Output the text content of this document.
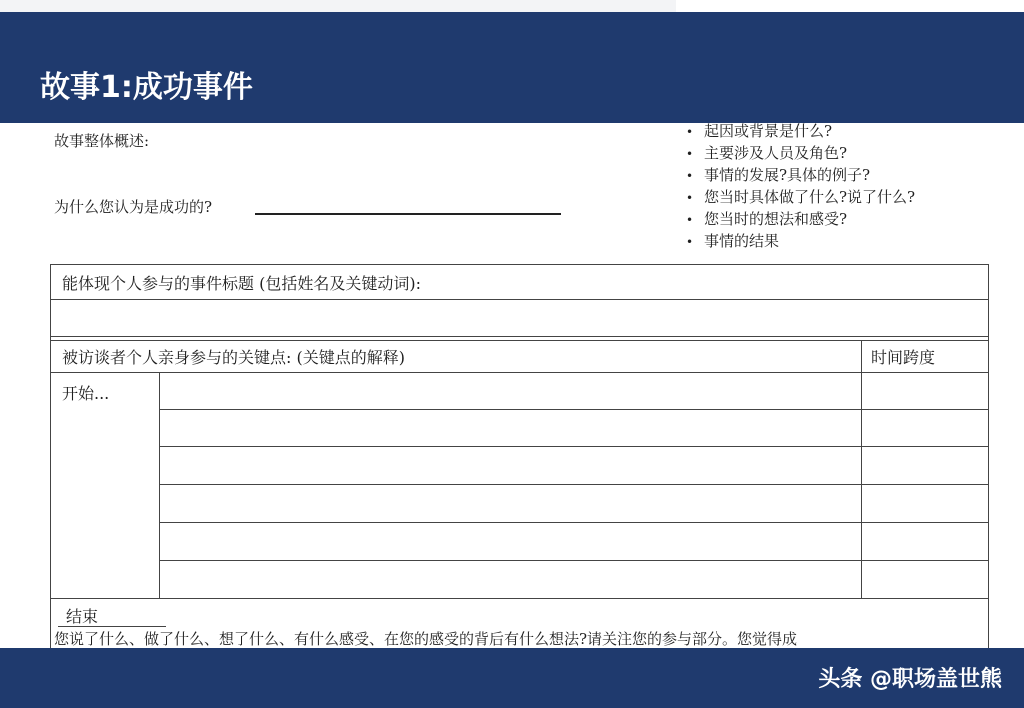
故事1:成功事件
故事整体概述:
为什么您认为是成功的?
• 起因或背景是什么?
• 主要涉及人员及角色?
• 事情的发展?具体的例子?
• 您当时具体做了什么?说了什么?
• 您当时的想法和感受?
• 事情的结果
能体现个人参与的事件标题 (包括姓名及关键动词):
被访谈者个人亲身参与的关键点: (关键点的解释)	时间跨度
开始...
结束
您说了什么、做了什么、想了什么、有什么感受、在您的感受的背后有什么想法?请关注您的参与部分。您觉得成
头条 @职场盖世熊
